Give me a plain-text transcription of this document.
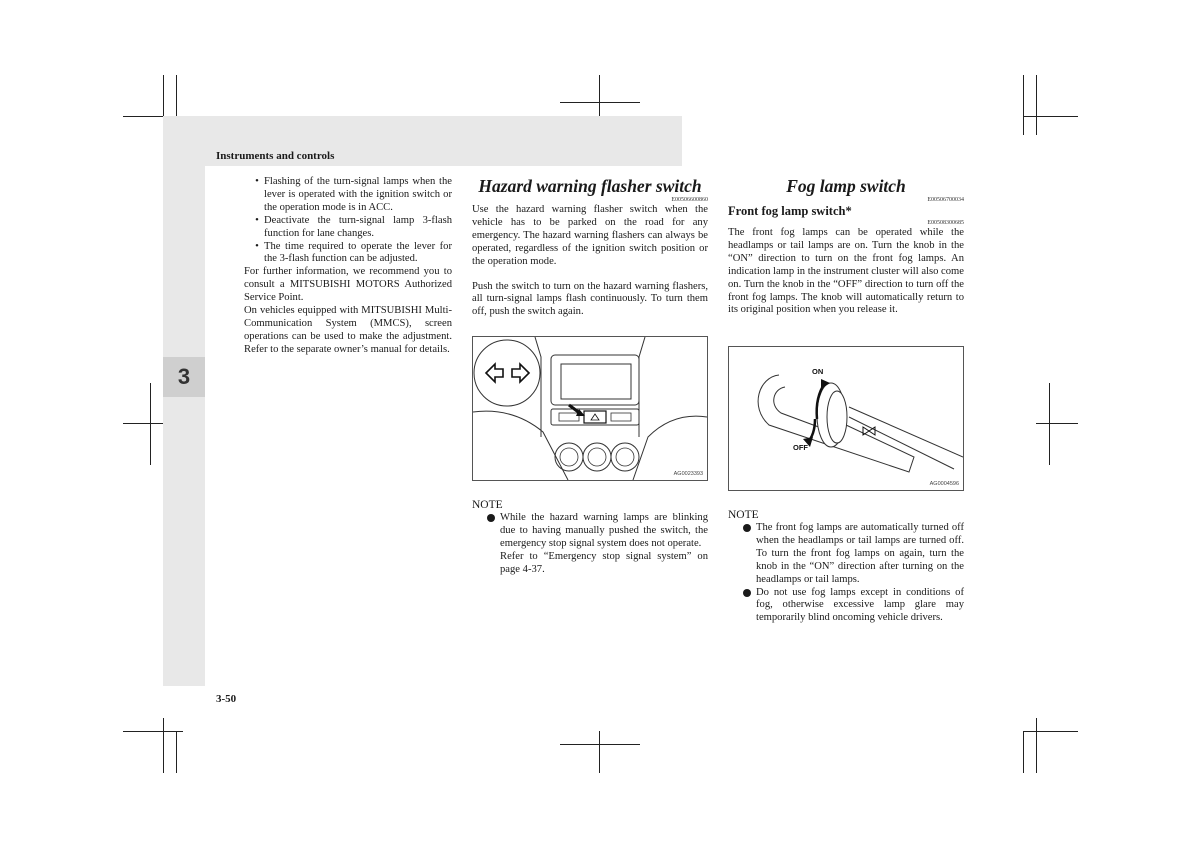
3
Instruments and controls
3-50
• Flashing of the turn-signal lamps when the lever is operated with the ignition switch or the operation mode is in ACC.
• Deactivate the turn-signal lamp 3-flash function for lane changes.
• The time required to operate the lever for the 3-flash function can be adjusted.

For further information, we recommend you to consult a MITSUBISHI MOTORS Authorized Service Point.

On vehicles equipped with MITSUBISHI Multi-Communication System (MMCS), screen operations can be used to make the adjustment. Refer to the separate owner’s manual for details.

Hazard warning flasher switch
E00506600860

Use the hazard warning flasher switch when the vehicle has to be parked on the road for any emergency. The hazard warning flashers can always be operated, regardless of the ignition switch position or the operation mode.

Push the switch to turn on the hazard warning flashers, all turn-signal lamps flash continuously. To turn them off, push the switch again.

AG0023393
NOTE
While the hazard warning lamps are blinking due to having manually pushed the switch, the emergency stop signal system does not operate.
Refer to “Emergency stop signal system” on page 4-37.
Fog lamp switch
E00506700034
Front fog lamp switch*
E00508300685

The front fog lamps can be operated while the headlamps or tail lamps are on. Turn the knob in the “ON” direction to turn on the front fog lamps. An indication lamp in the instrument cluster will also come on. Turn the knob in the “OFF” direction to turn off the front fog lamps. The knob will automatically return to its original position when you release it.

ON
OFF
AG0004596
NOTE
The front fog lamps are automatically turned off when the headlamps or tail lamps are turned off. To turn the front fog lamps on again, turn the knob in the “ON” direction after turning on the headlamps or tail lamps.
Do not use fog lamps except in conditions of fog, otherwise excessive lamp glare may temporarily blind oncoming vehicle drivers.
